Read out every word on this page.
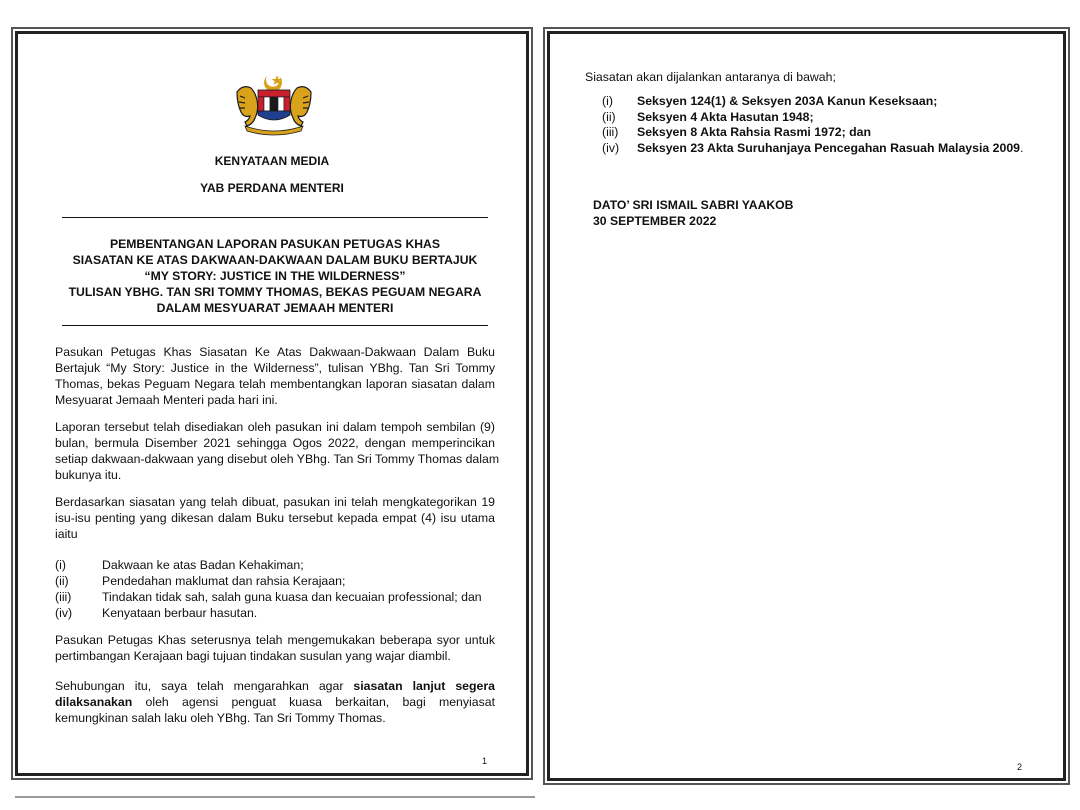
KENYATAAN MEDIA
YAB PERDANA MENTERI
PEMBENTANGAN LAPORAN PASUKAN PETUGAS KHAS
SIASATAN KE ATAS DAKWAAN-DAKWAAN DALAM BUKU BERTAJUK
“MY STORY: JUSTICE IN THE WILDERNESS”
TULISAN YBHG. TAN SRI TOMMY THOMAS, BEKAS PEGUAM NEGARA
DALAM MESYUARAT JEMAAH MENTERI
Pasukan Petugas Khas Siasatan Ke Atas Dakwaan-Dakwaan Dalam Buku
Bertajuk “My Story: Justice in the Wilderness”, tulisan YBhg. Tan Sri Tommy
Thomas, bekas Peguam Negara telah membentangkan laporan siasatan dalam
Mesyuarat Jemaah Menteri pada hari ini.
Laporan tersebut telah disediakan oleh pasukan ini dalam tempoh sembilan (9)
bulan, bermula Disember 2021 sehingga Ogos 2022, dengan memperincikan
setiap dakwaan-dakwaan yang disebut oleh YBhg. Tan Sri Tommy Thomas dalam
bukunya itu.
Berdasarkan siasatan yang telah dibuat, pasukan ini telah mengkategorikan 19
isu-isu penting yang dikesan dalam Buku tersebut kepada empat (4) isu utama
iaitu
(i)	Dakwaan ke atas Badan Kehakiman;
(ii)	Pendedahan maklumat dan rahsia Kerajaan;
(iii)	Tindakan tidak sah, salah guna kuasa dan kecuaian professional; dan
(iv)	Kenyataan berbaur hasutan.
Pasukan Petugas Khas seterusnya telah mengemukakan beberapa syor untuk
pertimbangan Kerajaan bagi tujuan tindakan susulan yang wajar diambil.
Sehubungan itu, saya telah mengarahkan agar siasatan lanjut segera
dilaksanakan oleh agensi penguat kuasa berkaitan, bagi menyiasat
kemungkinan salah laku oleh YBhg. Tan Sri Tommy Thomas.
1
Siasatan akan dijalankan antaranya di bawah;
(i)	Seksyen 124(1) & Seksyen 203A Kanun Keseksaan;
(ii)	Seksyen 4 Akta Hasutan 1948;
(iii)	Seksyen 8 Akta Rahsia Rasmi 1972; dan
(iv)	Seksyen 23 Akta Suruhanjaya Pencegahan Rasuah Malaysia 2009 .
DATO’ SRI ISMAIL SABRI YAAKOB
30 SEPTEMBER 2022
2
